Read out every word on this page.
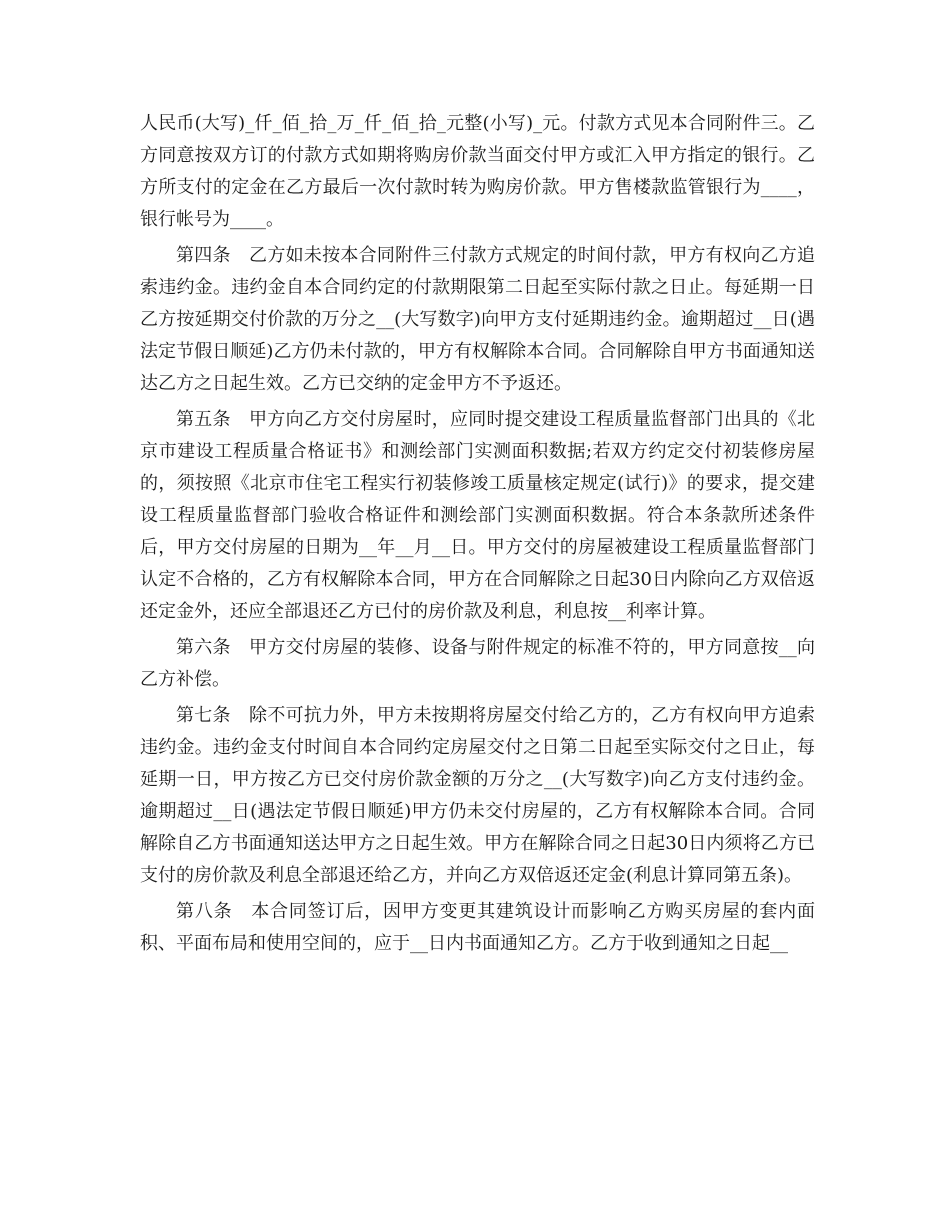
人民币(大写)_仟_佰_拾_万_仟_佰_拾_元整(小写)_元。付款方式见本合同附件三。乙方同意按双方订的付款方式如期将购房价款当面交付甲方或汇入甲方指定的银行。乙方所支付的定金在乙方最后一次付款时转为购房价款。甲方售楼款监管银行为____，银行帐号为____。

第四条　乙方如未按本合同附件三付款方式规定的时间付款，甲方有权向乙方追索违约金。违约金自本合同约定的付款期限第二日起至实际付款之日止。每延期一日乙方按延期交付价款的万分之__(大写数字)向甲方支付延期违约金。逾期超过__日(遇法定节假日顺延)乙方仍未付款的，甲方有权解除本合同。合同解除自甲方书面通知送达乙方之日起生效。乙方已交纳的定金甲方不予返还。

第五条　甲方向乙方交付房屋时，应同时提交建设工程质量监督部门出具的《北京市建设工程质量合格证书》和测绘部门实测面积数据;若双方约定交付初装修房屋的，须按照《北京市住宅工程实行初装修竣工质量核定规定(试行)》的要求，提交建设工程质量监督部门验收合格证件和测绘部门实测面积数据。符合本条款所述条件后，甲方交付房屋的日期为__年__月__日。甲方交付的房屋被建设工程质量监督部门认定不合格的，乙方有权解除本合同，甲方在合同解除之日起30日内除向乙方双倍返还定金外，还应全部退还乙方已付的房价款及利息，利息按__利率计算。

第六条　甲方交付房屋的装修、设备与附件规定的标准不符的，甲方同意按__向乙方补偿。

第七条　除不可抗力外，甲方未按期将房屋交付给乙方的，乙方有权向甲方追索违约金。违约金支付时间自本合同约定房屋交付之日第二日起至实际交付之日止，每延期一日，甲方按乙方已交付房价款金额的万分之__(大写数字)向乙方支付违约金。逾期超过__日(遇法定节假日顺延)甲方仍未交付房屋的，乙方有权解除本合同。合同解除自乙方书面通知送达甲方之日起生效。甲方在解除合同之日起30日内须将乙方已支付的房价款及利息全部退还给乙方，并向乙方双倍返还定金(利息计算同第五条)。

第八条　本合同签订后，因甲方变更其建筑设计而影响乙方购买房屋的套内面积、平面布局和使用空间的，应于__日内书面通知乙方。乙方于收到通知之日起__
